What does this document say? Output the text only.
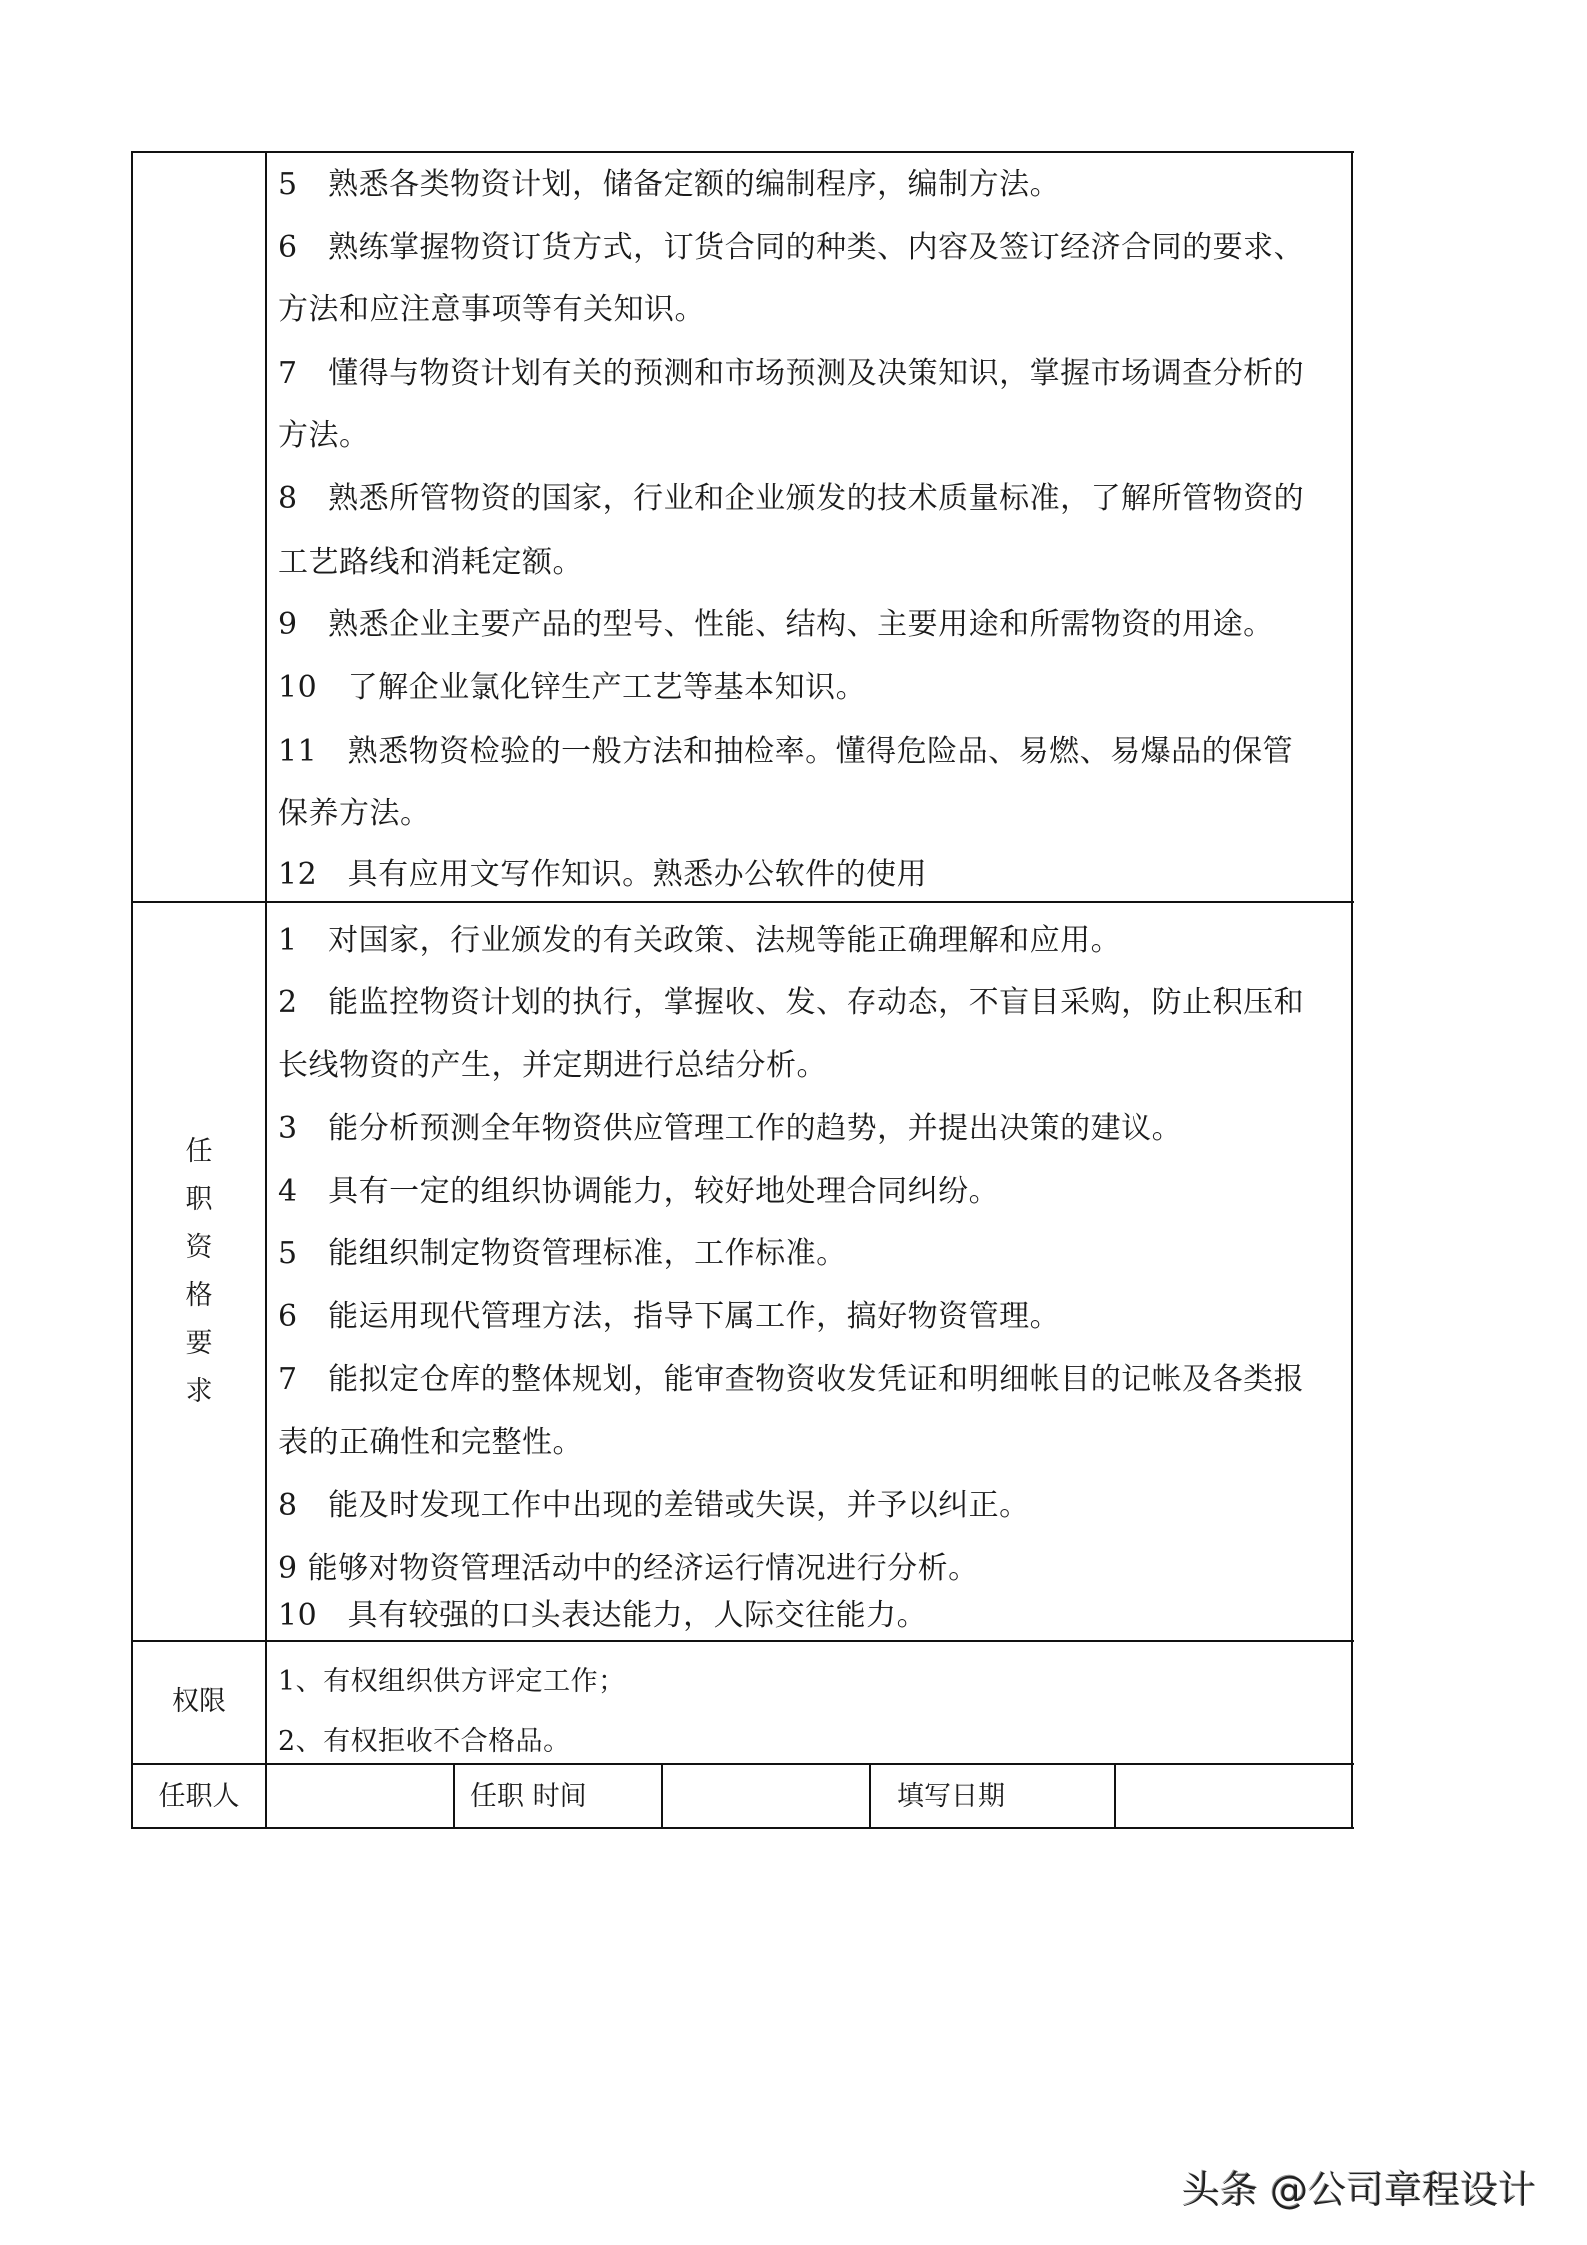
5　熟悉各类物资计划，储备定额的编制程序，编制方法。
6　熟练掌握物资订货方式，订货合同的种类、内容及签订经济合同的要求、
方法和应注意事项等有关知识。
7　懂得与物资计划有关的预测和市场预测及决策知识，掌握市场调查分析的
方法。
8　熟悉所管物资的国家，行业和企业颁发的技术质量标准，了解所管物资的
工艺路线和消耗定额。
9　熟悉企业主要产品的型号、性能、结构、主要用途和所需物资的用途。
10　了解企业氯化锌生产工艺等基本知识。
11　熟悉物资检验的一般方法和抽检率。懂得危险品、易燃、易爆品的保管
保养方法。
12　具有应用文写作知识。熟悉办公软件的使用
任
职
资
格
要
求
1　对国家，行业颁发的有关政策、法规等能正确理解和应用。
2　能监控物资计划的执行，掌握收、发、存动态，不盲目采购，防止积压和
长线物资的产生，并定期进行总结分析。
3　能分析预测全年物资供应管理工作的趋势，并提出决策的建议。
4　具有一定的组织协调能力，较好地处理合同纠纷。
5　能组织制定物资管理标准，工作标准。
6　能运用现代管理方法，指导下属工作，搞好物资管理。
7　能拟定仓库的整体规划，能审查物资收发凭证和明细帐目的记帐及各类报
表的正确性和完整性。
8　能及时发现工作中出现的差错或失误，并予以纠正。
9 能够对物资管理活动中的经济运行情况进行分析。
10　具有较强的口头表达能力，人际交往能力。
权限
1、有权组织供方评定工作；
2、有权拒收不合格品。
任职人	任职 时间	填写日期
头条 @公司章程设计
